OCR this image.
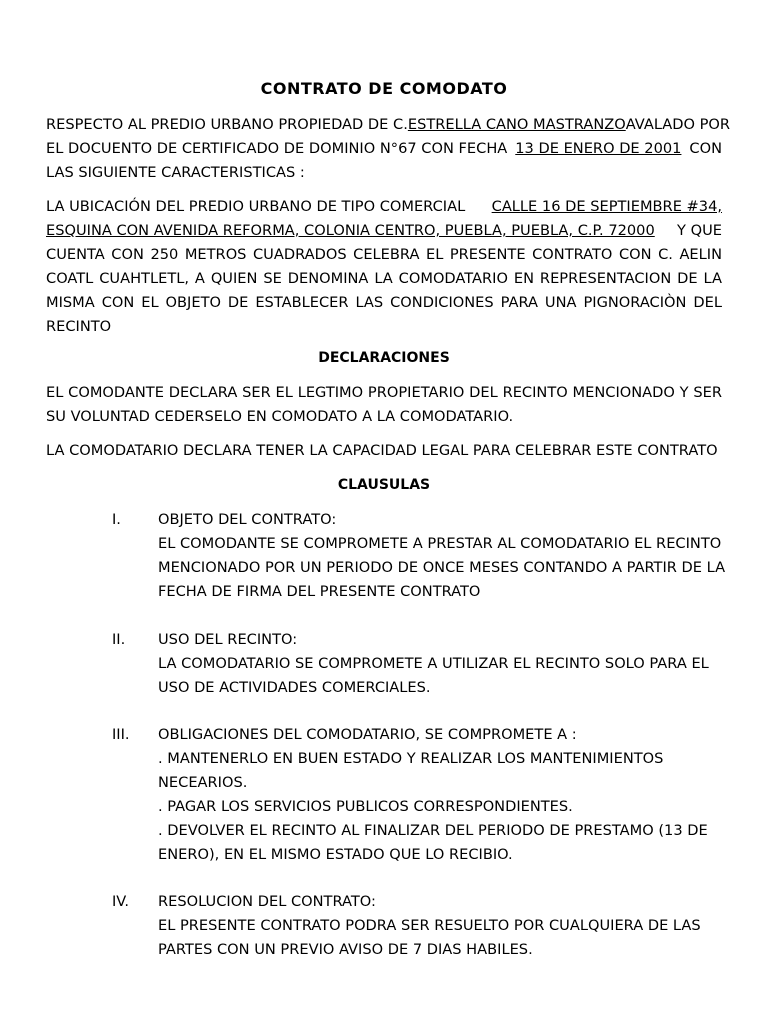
CONTRATO DE COMODATO
RESPECTO AL PREDIO URBANO PROPIEDAD DE C. ESTRELLA CANO MASTRANZO AVALADO POR
EL DOCUENTO DE CERTIFICADO DE DOMINIO N°67 CON FECHA 13 DE ENERO DE 2001 CON
LAS SIGUIENTE CARACTERISTICAS :
LA UBICACIÓN DEL PREDIO URBANO DE TIPO COMERCIAL CALLE 16 DE SEPTIEMBRE #34,
ESQUINA CON AVENIDA REFORMA, COLONIA CENTRO, PUEBLA, PUEBLA, C.P. 72000 Y QUE
CUENTA CON 250 METROS CUADRADOS CELEBRA EL PRESENTE CONTRATO CON C. AELIN
COATL CUAHTLETL, A QUIEN SE DENOMINA LA COMODATARIO EN REPRESENTACION DE LA
MISMA CON EL OBJETO DE ESTABLECER LAS CONDICIONES PARA UNA PIGNORACIÒN DEL
RECINTO
DECLARACIONES
EL COMODANTE DECLARA SER EL LEGTIMO PROPIETARIO DEL RECINTO MENCIONADO Y SER
SU VOLUNTAD CEDERSELO EN COMODATO A LA COMODATARIO.
LA COMODATARIO DECLARA TENER LA CAPACIDAD LEGAL PARA CELEBRAR ESTE CONTRATO
CLAUSULAS
I.	OBJETO DEL CONTRATO:
EL COMODANTE SE COMPROMETE A PRESTAR AL COMODATARIO EL RECINTO
MENCIONADO POR UN PERIODO DE ONCE MESES CONTANDO A PARTIR DE LA
FECHA DE FIRMA DEL PRESENTE CONTRATO
II. USO DEL RECINTO:
LA COMODATARIO SE COMPROMETE A UTILIZAR EL RECINTO SOLO PARA EL
USO DE ACTIVIDADES COMERCIALES.
III. OBLIGACIONES DEL COMODATARIO, SE COMPROMETE A :
. MANTENERLO EN BUEN ESTADO Y REALIZAR LOS MANTENIMIENTOS
NECEARIOS.
. PAGAR LOS SERVICIOS PUBLICOS CORRESPONDIENTES.
. DEVOLVER EL RECINTO AL FINALIZAR DEL PERIODO DE PRESTAMO (13 DE
ENERO), EN EL MISMO ESTADO QUE LO RECIBIO.
IV. RESOLUCION DEL CONTRATO:
EL PRESENTE CONTRATO PODRA SER RESUELTO POR CUALQUIERA DE LAS
PARTES CON UN PREVIO AVISO DE 7 DIAS HABILES.
